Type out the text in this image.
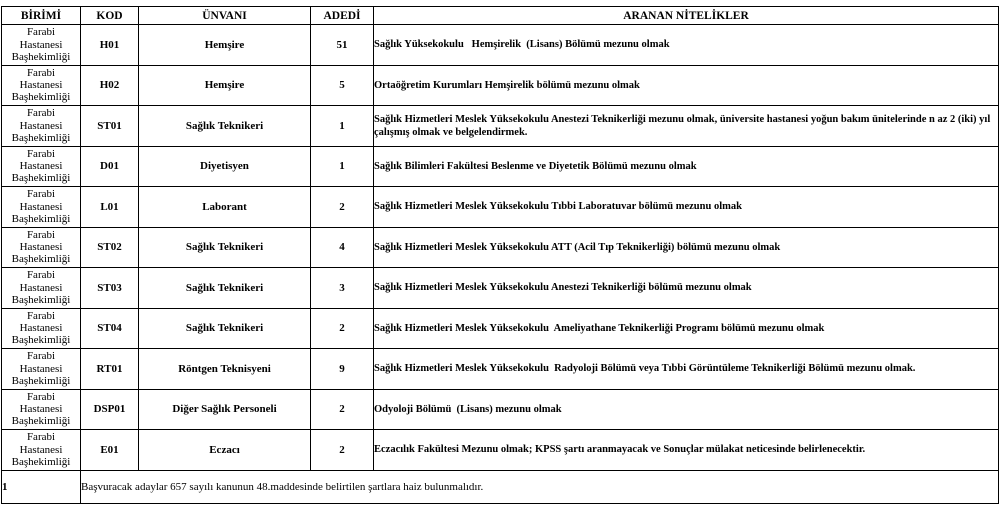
BİRİMİ	KOD	ÜNVANI	ADEDİ	ARANAN NİTELİKLER

Farabi
Hastanesi
Başhekimliği	H01	Hemşire	51	Sağlık Yüksekokulu   Hemşirelik  (Lisans) Bölümü mezunu olmak

Farabi
Hastanesi
Başhekimliği	H02	Hemşire	5	Ortaöğretim Kurumları Hemşirelik bölümü mezunu olmak

Farabi
Hastanesi
Başhekimliği	ST01	Sağlık Teknikeri	1	Sağlık Hizmetleri Meslek Yüksekokulu Anestezi Teknikerliği mezunu olmak, üniversite hastanesi yoğun bakım ünitelerinde n az 2 (iki) yıl çalışmış olmak ve belgelendirmek.

Farabi
Hastanesi
Başhekimliği	D01	Diyetisyen	1	Sağlık Bilimleri Fakültesi Beslenme ve Diyetetik Bölümü mezunu olmak

Farabi
Hastanesi
Başhekimliği	L01	Laborant	2	Sağlık Hizmetleri Meslek Yüksekokulu Tıbbi Laboratuvar bölümü mezunu olmak

Farabi
Hastanesi
Başhekimliği	ST02	Sağlık Teknikeri	4	Sağlık Hizmetleri Meslek Yüksekokulu ATT (Acil Tıp Teknikerliği) bölümü mezunu olmak

Farabi
Hastanesi
Başhekimliği	ST03	Sağlık Teknikeri	3	Sağlık Hizmetleri Meslek Yüksekokulu Anestezi Teknikerliği bölümü mezunu olmak

Farabi
Hastanesi
Başhekimliği	ST04	Sağlık Teknikeri	2	Sağlık Hizmetleri Meslek Yüksekokulu  Ameliyathane Teknikerliği Programı bölümü mezunu olmak

Farabi
Hastanesi
Başhekimliği	RT01	Röntgen Teknisyeni	9	Sağlık Hizmetleri Meslek Yüksekokulu  Radyoloji Bölümü veya Tıbbi Görüntüleme Teknikerliği Bölümü mezunu olmak.

Farabi
Hastanesi
Başhekimliği	DSP01	Diğer Sağlık Personeli	2	Odyoloji Bölümü  (Lisans) mezunu olmak

Farabi
Hastanesi
Başhekimliği	E01	Eczacı	2	Eczacılık Fakültesi Mezunu olmak; KPSS şartı aranmayacak ve Sonuçlar mülakat neticesinde belirlenecektir.
1	Başvuracak adaylar 657 sayılı kanunun 48.maddesinde belirtilen şartlara haiz bulunmalıdır.			
